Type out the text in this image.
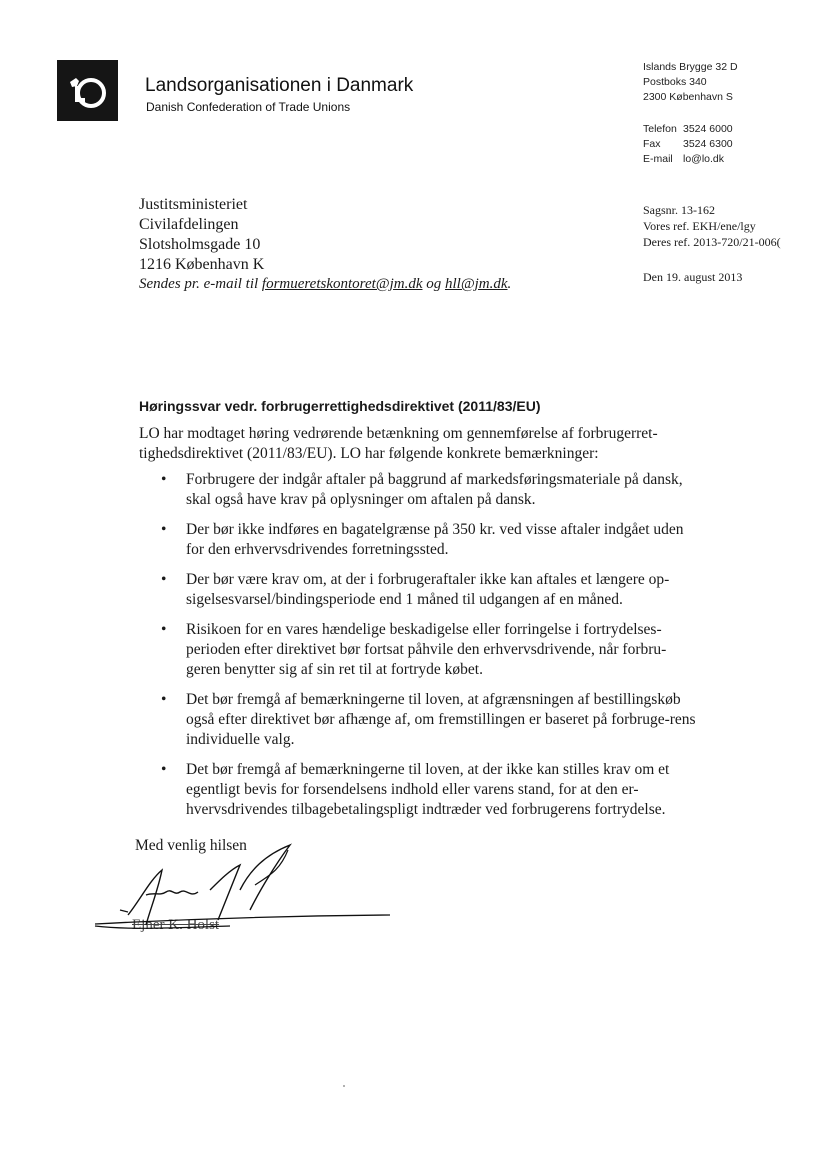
Landsorganisationen i Danmark
Danish Confederation of Trade Unions
Islands Brygge 32 D
Postboks 340
2300 København S
Telefon 3524 6000
Fax 3524 6300
E-mail lo@lo.dk
Justitsministeriet
Civilafdelingen
Slotsholmsgade 10
1216 København K
Sendes pr. e-mail til formueretskontoret@jm.dk og hll@jm.dk.
Sagsnr. 13-162
Vores ref. EKH/ene/lgy
Deres ref. 2013-720/21-006(
Den 19. august 2013
Høringssvar vedr. forbrugerrettighedsdirektivet (2011/83/EU)
LO har modtaget høring vedrørende betænkning om gennemførelse af forbrugerret-tighedsdirektivet (2011/83/EU). LO har følgende konkrete bemærkninger:
• Forbrugere der indgår aftaler på baggrund af markedsføringsmateriale på dansk, skal også have krav på oplysninger om aftalen på dansk.
• Der bør ikke indføres en bagatelgrænse på 350 kr. ved visse aftaler indgået uden for den erhvervsdrivendes forretningssted.
• Der bør være krav om, at der i forbrugeraftaler ikke kan aftales et længere op-sigelsesvarsel/bindingsperiode end 1 måned til udgangen af en måned.
• Risikoen for en vares hændelige beskadigelse eller forringelse i fortrydelses-perioden efter direktivet bør fortsat påhvile den erhvervsdrivende, når forbru-geren benytter sig af sin ret til at fortryde købet.
• Det bør fremgå af bemærkningerne til loven, at afgrænsningen af bestillingskøb også efter direktivet bør afhænge af, om fremstillingen er baseret på forbruge-rens individuelle valg.
• Det bør fremgå af bemærkningerne til loven, at der ikke kan stilles krav om et egentligt bevis for forsendelsens indhold eller varens stand, for at den er-hvervsdrivendes tilbagebetalingspligt indtræder ved forbrugerens fortrydelse.
Med venlig hilsen
Ejner K. Holst
